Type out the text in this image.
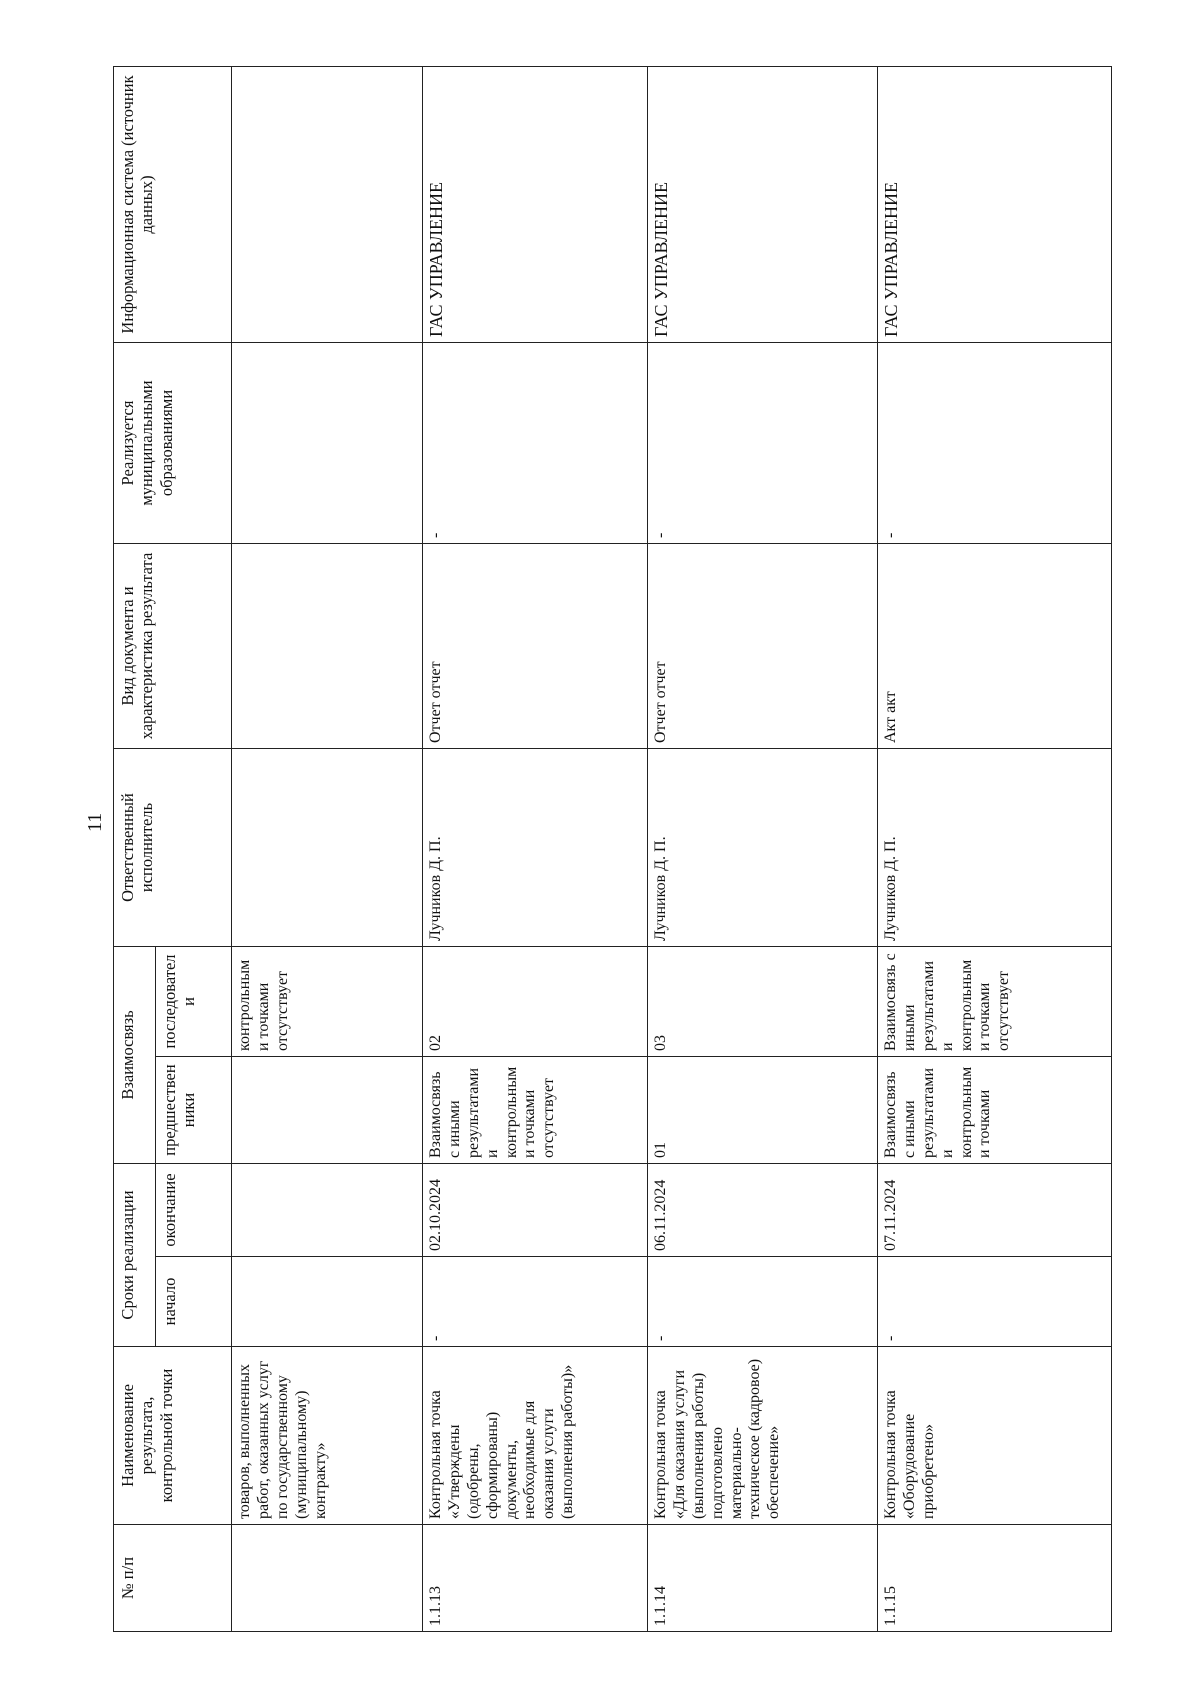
11
№ п/п	Наименование результата, контрольной точки	Сроки реализации		Взаимосвязь		Ответственный исполнитель	Вид документа и характеристика результата	Реализуется муниципальными образованиями	Информационная система (источник данных)
		начало	окончание	предшественники	последователи				
	товаров, выполненных работ, оказанных услуг по государственному (муниципальному) контракту»				контрольными точками отсутствует				
1.1.13	Контрольная точка «Утверждены (одобрены, сформированы) документы, необходимые для оказания услуги (выполнения работы)»	-	02.10.2024	Взаимосвязь с иными результатами и контрольными точками отсутствует	02	Лучников Д. П.	Отчет отчет	-	ГАС УПРАВЛЕНИЕ
1.1.14	Контрольная точка «Для оказания услуги (выполнения работы) подготовлено материально-техническое (кадровое) обеспечение»	-	06.11.2024	01	03	Лучников Д. П.	Отчет отчет	-	ГАС УПРАВЛЕНИЕ
1.1.15	Контрольная точка «Оборудование приобретено»	-	07.11.2024	Взаимосвязь с иными результатами и контрольными точками	Взаимосвязь с иными результатами и контрольными точками отсутствует	Лучников Д. П.	Акт акт	-	ГАС УПРАВЛЕНИЕ
